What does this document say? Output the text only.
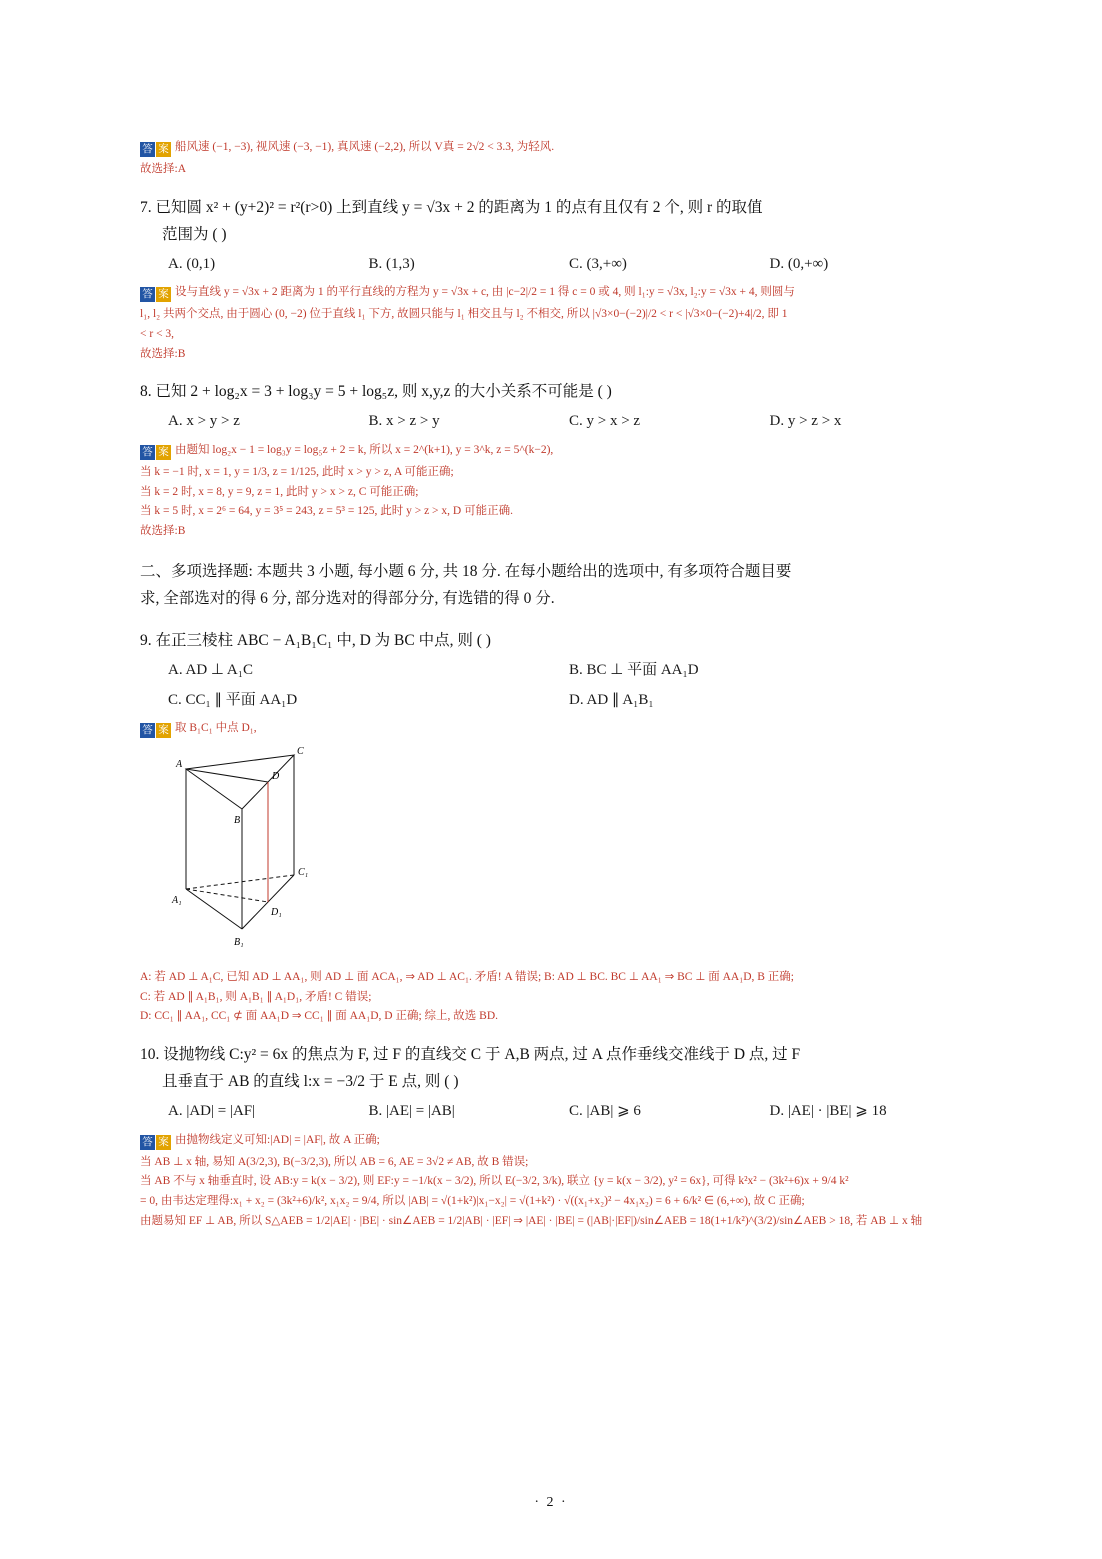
答 案 船风速 (−1, −3), 视风速 (−3, −1), 真风速 (−2,2), 所以 V真 = 2√2 < 3.3, 为轻风.
故选择:A
7. 已知圆 x² + (y+2)² = r²(r>0) 上到直线 y = √3x + 2 的距离为 1 的点有且仅有 2 个, 则 r 的取值
范围为 ( )
A. (0,1)	B. (1,3)	C. (3,+∞)	D. (0,+∞)
答 案 设与直线 y = √3x + 2 距离为 1 的平行直线的方程为 y = √3x + c, 由 |c−2|/2 = 1 得 c = 0 或 4, 则 l₁:y = √3x, l₂:y = √3x + 4, 则圆与
l₁, l₂ 共两个交点, 由于圆心 (0, −2) 位于直线 l₁ 下方, 故圆只能与 l₁ 相交且与 l₂ 不相交, 所以 |√3×0−(−2)|/2 < r < |√3×0−(−2)+4|/2, 即 1
< r < 3,
故选择:B
8. 已知 2 + log₂x = 3 + log₃y = 5 + log₅z, 则 x,y,z 的大小关系不可能是 ( )
A. x > y > z	B. x > z > y	C. y > x > z	D. y > z > x
答 案 由题知 log₂x − 1 = log₃y = log₅z + 2 = k, 所以 x = 2^(k+1), y = 3^k, z = 5^(k−2),
当 k = −1 时, x = 1, y = 1/3, z = 1/125, 此时 x > y > z, A 可能正确;
当 k = 2 时, x = 8, y = 9, z = 1, 此时 y > x > z, C 可能正确;
当 k = 5 时, x = 2⁶ = 64, y = 3⁵ = 243, z = 5³ = 125, 此时 y > z > x, D 可能正确.
故选择:B
二、多项选择题: 本题共 3 小题, 每小题 6 分, 共 18 分. 在每小题给出的选项中, 有多项符合题目要
求, 全部选对的得 6 分, 部分选对的得部分分, 有选错的得 0 分.
9. 在正三棱柱 ABC − A₁B₁C₁ 中, D 为 BC 中点, 则 ( )
A. AD ⊥ A₁C	B. BC ⊥ 平面 AA₁D
C. CC₁ ∥ 平面 AA₁D	D. AD ∥ A₁B₁
答 案 取 B₁C₁ 中点 D₁,
A
C
B
D
A₁
C₁
B₁
D₁
A: 若 AD ⊥ A₁C, 已知 AD ⊥ AA₁, 则 AD ⊥ 面 ACA₁, ⇒ AD ⊥ AC₁. 矛盾! A 错误; B: AD ⊥ BC. BC ⊥ AA₁ ⇒ BC ⊥ 面 AA₁D, B 正确;
C: 若 AD ∥ A₁B₁, 则 A₁B₁ ∥ A₁D₁, 矛盾! C 错误;
D: CC₁ ∥ AA₁, CC₁ ⊄ 面 AA₁D ⇒ CC₁ ∥ 面 AA₁D, D 正确; 综上, 故选 BD.
10. 设抛物线 C:y² = 6x 的焦点为 F, 过 F 的直线交 C 于 A,B 两点, 过 A 点作垂线交准线于 D 点, 过 F
且垂直于 AB 的直线 l:x = −3/2 于 E 点, 则 ( )
A. |AD| = |AF|	B. |AE| = |AB|	C. |AB| ⩾ 6	D. |AE| · |BE| ⩾ 18
答 案 由抛物线定义可知:|AD| = |AF|, 故 A 正确;
当 AB ⊥ x 轴, 易知 A(3/2,3), B(−3/2,3), 所以 AB = 6, AE = 3√2 ≠ AB, 故 B 错误;
当 AB 不与 x 轴垂直时, 设 AB:y = k(x − 3/2), 则 EF:y = −1/k(x − 3/2), 所以 E(−3/2, 3/k), 联立 {y = k(x − 3/2), y² = 6x}, 可得 k²x² − (3k²+6)x + 9/4 k²
= 0, 由韦达定理得:x₁ + x₂ = (3k²+6)/k², x₁x₂ = 9/4, 所以 |AB| = √(1+k²)|x₁−x₂| = √(1+k²) · √((x₁+x₂)² − 4x₁x₂) = 6 + 6/k² ∈ (6,+∞), 故 C 正确;
由题易知 EF ⊥ AB, 所以 S△AEB = 1/2|AE| · |BE| · sin∠AEB = 1/2|AB| · |EF| ⇒ |AE| · |BE| = (|AB|·|EF|)/sin∠AEB = 18(1+1/k²)^(3/2)/sin∠AEB > 18, 若 AB ⊥ x 轴
· 2 ·
